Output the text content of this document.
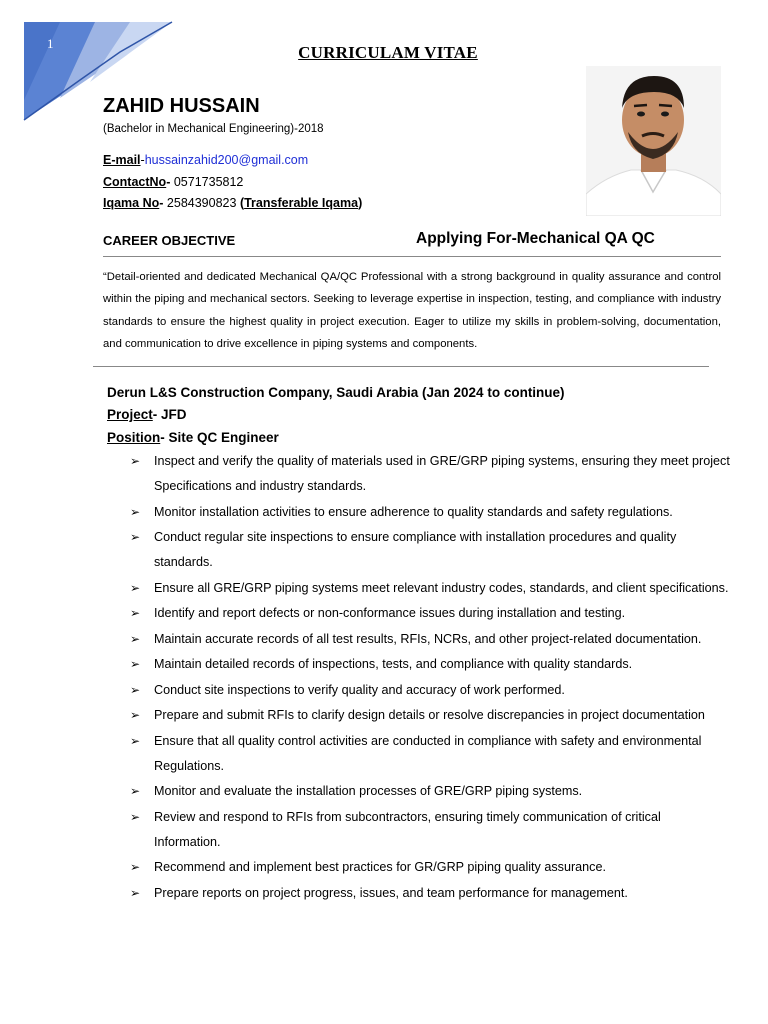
1	CURRICULAM VITAE
ZAHID HUSSAIN
(Bachelor in Mechanical Engineering)-2018
E-mail-hussainzahid200@gmail.com
ContactNo- 0571735812
Iqama No- 2584390823 (Transferable Iqama)
CAREER OBJECTIVE	Applying For-Mechanical QA QC
“Detail-oriented and dedicated Mechanical QA/QC Professional with a strong background in quality assurance and control within the piping and mechanical sectors. Seeking to leverage expertise in inspection, testing, and compliance with industry standards to ensure the highest quality in project execution. Eager to utilize my skills in problem-solving, documentation, and communication to drive excellence in piping systems and components.
Derun L&S Construction Company, Saudi Arabia (Jan 2024 to continue)
Project- JFD
Position- Site QC Engineer
➢ Inspect and verify the quality of materials used in GRE/GRP piping systems, ensuring they meet project Specifications and industry standards.
➢ Monitor installation activities to ensure adherence to quality standards and safety regulations.
➢ Conduct regular site inspections to ensure compliance with installation procedures and quality standards.
➢ Ensure all GRE/GRP piping systems meet relevant industry codes, standards, and client specifications.
➢ Identify and report defects or non-conformance issues during installation and testing.
➢ Maintain accurate records of all test results, RFIs, NCRs, and other project-related documentation.
➢ Maintain detailed records of inspections, tests, and compliance with quality standards.
➢ Conduct site inspections to verify quality and accuracy of work performed.
➢ Prepare and submit RFIs to clarify design details or resolve discrepancies in project documentation
➢ Ensure that all quality control activities are conducted in compliance with safety and environmental Regulations.
➢ Monitor and evaluate the installation processes of GRE/GRP piping systems.
➢ Review and respond to RFIs from subcontractors, ensuring timely communication of critical Information.
➢ Recommend and implement best practices for GR/GRP piping quality assurance.
➢ Prepare reports on project progress, issues, and team performance for management.
